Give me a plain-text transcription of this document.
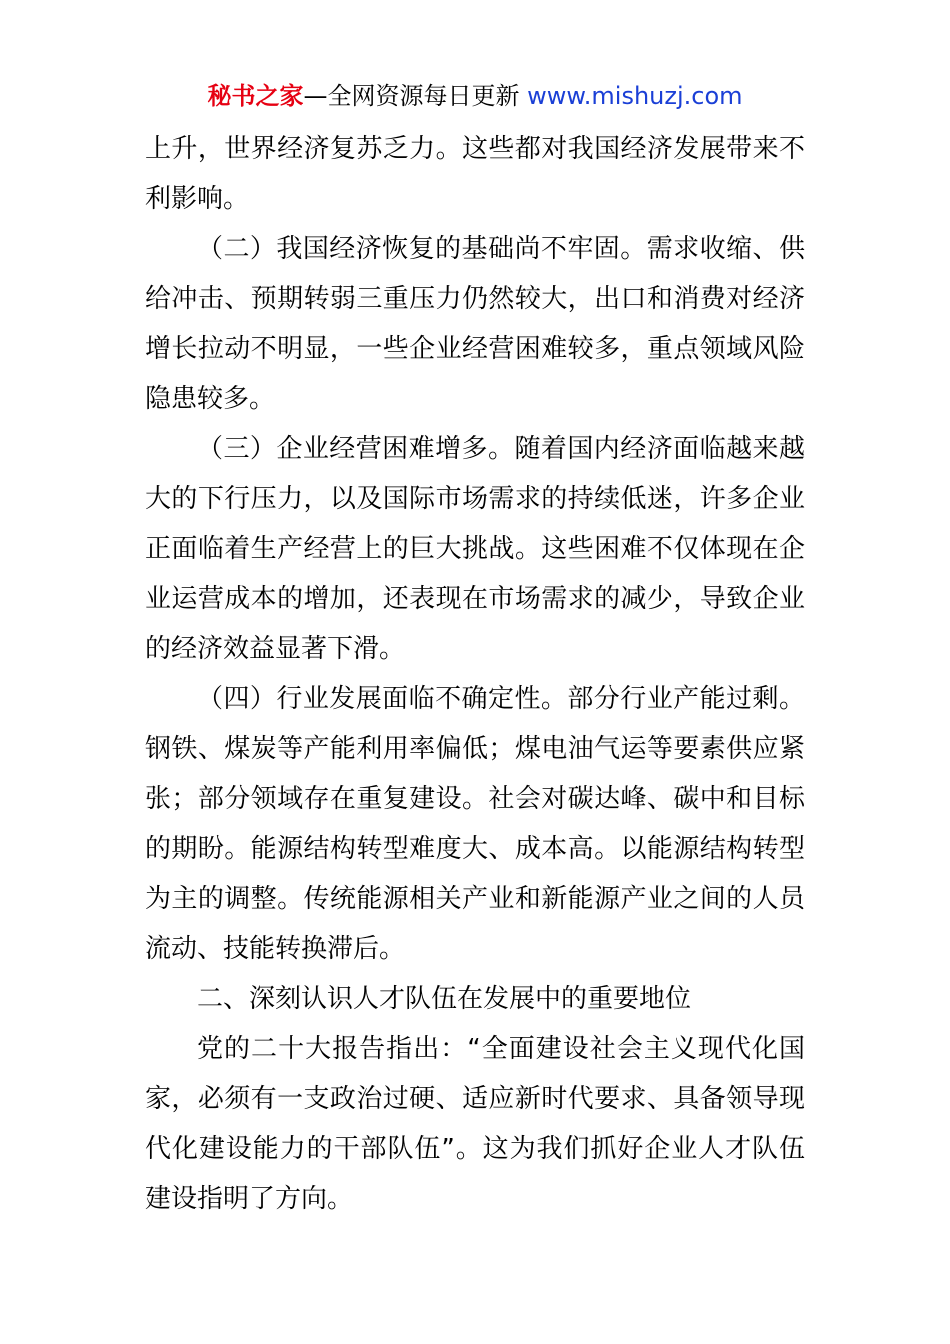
秘书之家—全网资源每日更新 www.mishuzj.com

上升，世界经济复苏乏力。这些都对我国经济发展带来不利影响。

（二）我国经济恢复的基础尚不牢固。需求收缩、供给冲击、预期转弱三重压力仍然较大，出口和消费对经济增长拉动不明显，一些企业经营困难较多，重点领域风险隐患较多。

（三）企业经营困难增多。随着国内经济面临越来越大的下行压力，以及国际市场需求的持续低迷，许多企业正面临着生产经营上的巨大挑战。这些困难不仅体现在企业运营成本的增加，还表现在市场需求的减少，导致企业的经济效益显著下滑。

（四）行业发展面临不确定性。部分行业产能过剩。钢铁、煤炭等产能利用率偏低；煤电油气运等要素供应紧张；部分领域存在重复建设。社会对碳达峰、碳中和目标的期盼。能源结构转型难度大、成本高。以能源结构转型为主的调整。传统能源相关产业和新能源产业之间的人员流动、技能转换滞后。

二、深刻认识人才队伍在发展中的重要地位

党的二十大报告指出：“全面建设社会主义现代化国家，必须有一支政治过硬、适应新时代要求、具备领导现代化建设能力的干部队伍”。这为我们抓好企业人才队伍建设指明了方向。
